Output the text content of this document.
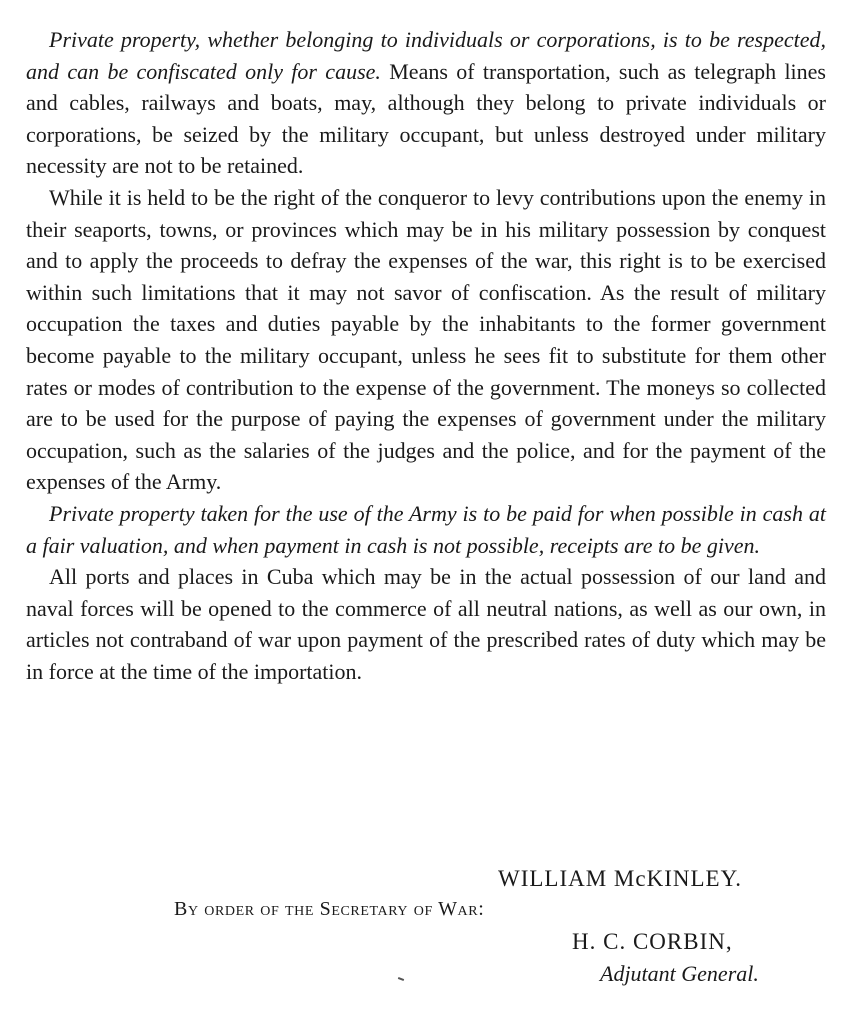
Private property, whether belonging to individuals or corporations, is to be respected, and can be confiscated only for cause. Means of transportation, such as telegraph lines and cables, railways and boats, may, although they belong to private individuals or corporations, be seized by the military occupant, but unless destroyed under military necessity are not to be retained.

While it is held to be the right of the conqueror to levy contributions upon the enemy in their seaports, towns, or provinces which may be in his military possession by conquest and to apply the proceeds to defray the expenses of the war, this right is to be exercised within such limitations that it may not savor of confiscation. As the result of military occupation the taxes and duties payable by the inhabitants to the former government become payable to the military occupant, unless he sees fit to substitute for them other rates or modes of contribution to the expense of the government. The moneys so collected are to be used for the purpose of paying the expenses of government under the military occupation, such as the salaries of the judges and the police, and for the payment of the expenses of the Army.

Private property taken for the use of the Army is to be paid for when possible in cash at a fair valuation, and when payment in cash is not possible, receipts are to be given.

All ports and places in Cuba which may be in the actual possession of our land and naval forces will be opened to the commerce of all neutral nations, as well as our own, in articles not contraband of war upon payment of the prescribed rates of duty which may be in force at the time of the importation.

WILLIAM McKINLEY.
By order of the Secretary of War:
H. C. CORBIN,
Adjutant General.
